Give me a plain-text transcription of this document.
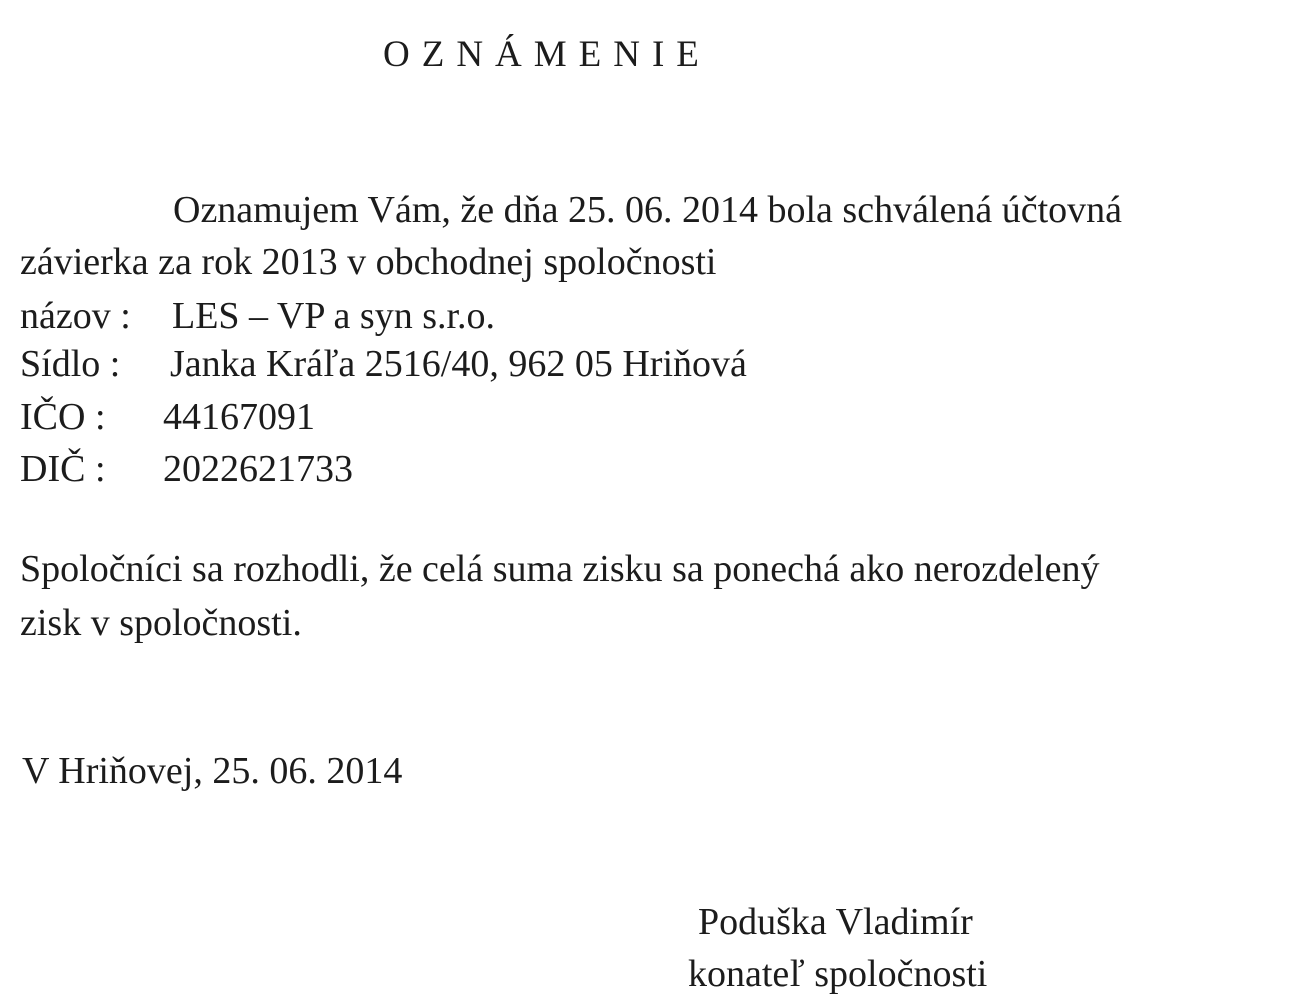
OZNÁMENIE
Oznamujem Vám, že dňa 25. 06. 2014 bola schválená účtovná
závierka za rok 2013 v obchodnej spoločnosti
názov : LES – VP a syn s.r.o.
Sídlo : Janka Kráľa 2516/40, 962 05 Hriňová
IČO : 44167091
DIČ : 2022621733
Spoločníci sa rozhodli, že celá suma zisku sa ponechá ako nerozdelený
zisk v spoločnosti.
V Hriňovej, 25. 06. 2014
Poduška Vladimír
konateľ spoločnosti
